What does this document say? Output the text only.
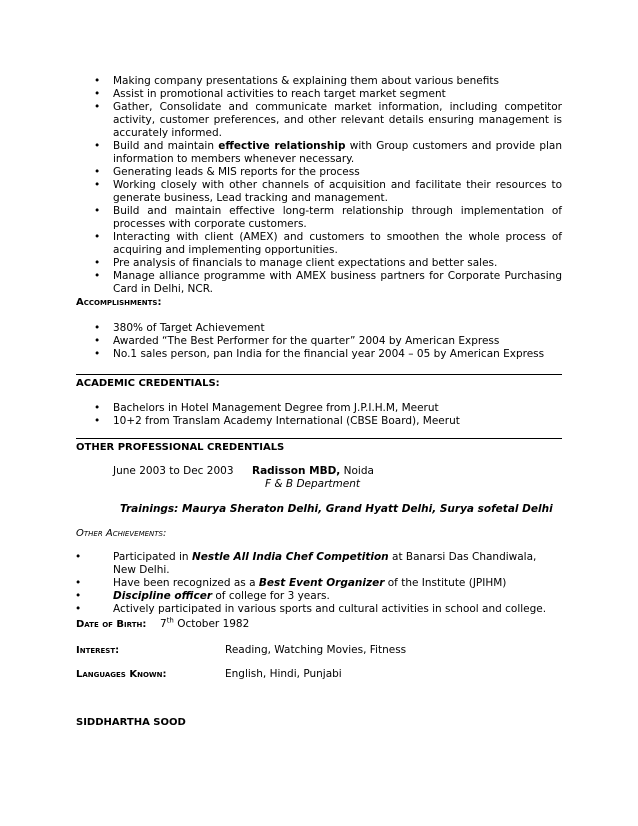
• Making company presentations & explaining them about various benefits
• Assist in promotional activities to reach target market segment
• Gather, Consolidate and communicate market information, including competitor activity, customer preferences, and other relevant details ensuring management is accurately informed.
• Build and maintain effective relationship with Group customers and provide plan information to members whenever necessary.
• Generating leads & MIS reports for the process
• Working closely with other channels of acquisition and facilitate their resources to generate business, Lead tracking and management.
• Build and maintain effective long-term relationship through implementation of processes with corporate customers.
• Interacting with client (AMEX) and customers to smoothen the whole process of acquiring and implementing opportunities.
• Pre analysis of financials to manage client expectations and better sales.
• Manage alliance programme with AMEX business partners for Corporate Purchasing Card in Delhi, NCR.
Accomplishments:
• 380% of Target Achievement
• Awarded “The Best Performer for the quarter” 2004 by American Express
• No.1 sales person, pan India for the financial year 2004 – 05 by American Express
ACADEMIC CREDENTIALS:
• Bachelors in Hotel Management Degree from J.P.I.H.M, Meerut
• 10+2 from Translam Academy International (CBSE Board), Meerut
OTHER PROFESSIONAL CREDENTIALS
June 2003 to Dec 2003 Radisson MBD, Noida
F & B Department
Trainings: Maurya Sheraton Delhi, Grand Hyatt Delhi, Surya sofetal Delhi
Other Achievements:
• Participated in Nestle All India Chef Competition at Banarsi Das Chandiwala, New Delhi.
• Have been recognized as a Best Event Organizer of the Institute (JPIHM)
• Discipline officer of college for 3 years.
• Actively participated in various sports and cultural activities in school and college.
Date of Birth: 7th October 1982
Interest:	Reading, Watching Movies, Fitness
Languages Known:	English, Hindi, Punjabi
SIDDHARTHA SOOD
